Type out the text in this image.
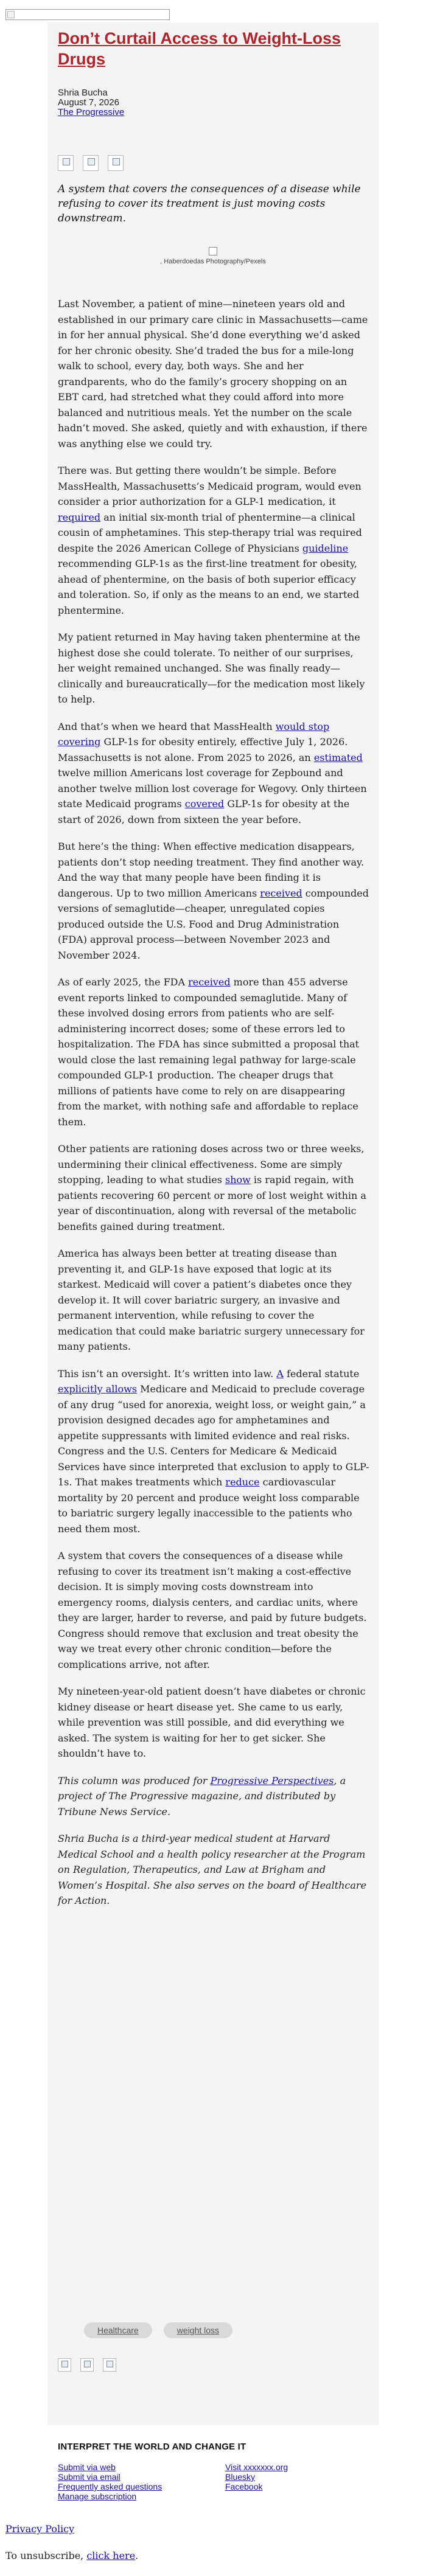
Don’t Curtail Access to Weight-Loss Drugs
Shria Bucha
August 7, 2026
The Progressive

A system that covers the consequences of a disease while refusing to cover its treatment is just moving costs downstream.

, Haberdoedas Photography/Pexels

Last November, a patient of mine—nineteen years old and established in our primary care clinic in Massachusetts—came in for her annual physical. She’d done everything we’d asked for her chronic obesity. She’d traded the bus for a mile-long walk to school, every day, both ways. She and her grandparents, who do the family’s grocery shopping on an EBT card, had stretched what they could afford into more balanced and nutritious meals. Yet the number on the scale hadn’t moved. She asked, quietly and with exhaustion, if there was anything else we could try.

There was. But getting there wouldn’t be simple. Before MassHealth, Massachusetts’s Medicaid program, would even consider a prior authorization for a GLP-1 medication, it required an initial six-month trial of phentermine—a clinical cousin of amphetamines. This step-therapy trial was required despite the 2026 American College of Physicians guideline recommending GLP-1s as the first-line treatment for obesity, ahead of phentermine, on the basis of both superior efficacy and toleration. So, if only as the means to an end, we started phentermine.

My patient returned in May having taken phentermine at the highest dose she could tolerate. To neither of our surprises, her weight remained unchanged. She was finally ready—clinically and bureaucratically—for the medication most likely to help.

And that’s when we heard that MassHealth would stop covering GLP-1s for obesity entirely, effective July 1, 2026. Massachusetts is not alone. From 2025 to 2026, an estimated twelve million Americans lost coverage for Zepbound and another twelve million lost coverage for Wegovy. Only thirteen state Medicaid programs covered GLP-1s for obesity at the start of 2026, down from sixteen the year before.

But here’s the thing: When effective medication disappears, patients don’t stop needing treatment. They find another way. And the way that many people have been finding it is dangerous. Up to two million Americans received compounded versions of semaglutide—cheaper, unregulated copies produced outside the U.S. Food and Drug Administration (FDA) approval process—between November 2023 and November 2024.

As of early 2025, the FDA received more than 455 adverse event reports linked to compounded semaglutide. Many of these involved dosing errors from patients who are self-administering incorrect doses; some of these errors led to hospitalization. The FDA has since submitted a proposal that would close the last remaining legal pathway for large-scale compounded GLP-1 production. The cheaper drugs that millions of patients have come to rely on are disappearing from the market, with nothing safe and affordable to replace them.

Other patients are rationing doses across two or three weeks, undermining their clinical effectiveness. Some are simply stopping, leading to what studies show is rapid regain, with patients recovering 60 percent or more of lost weight within a year of discontinuation, along with reversal of the metabolic benefits gained during treatment.

America has always been better at treating disease than preventing it, and GLP-1s have exposed that logic at its starkest. Medicaid will cover a patient’s diabetes once they develop it. It will cover bariatric surgery, an invasive and permanent intervention, while refusing to cover the medication that could make bariatric surgery unnecessary for many patients.

This isn’t an oversight. It’s written into law. A federal statute explicitly allows Medicare and Medicaid to preclude coverage of any drug “used for anorexia, weight loss, or weight gain,” a provision designed decades ago for amphetamines and appetite suppressants with limited evidence and real risks. Congress and the U.S. Centers for Medicare & Medicaid Services have since interpreted that exclusion to apply to GLP-1s. That makes treatments which reduce cardiovascular mortality by 20 percent and produce weight loss comparable to bariatric surgery legally inaccessible to the patients who need them most.

A system that covers the consequences of a disease while refusing to cover its treatment isn’t making a cost-effective decision. It is simply moving costs downstream into emergency rooms, dialysis centers, and cardiac units, where they are larger, harder to reverse, and paid by future budgets. Congress should remove that exclusion and treat obesity the way we treat every other chronic condition—before the complications arrive, not after.

My nineteen-year-old patient doesn’t have diabetes or chronic kidney disease or heart disease yet. She came to us early, while prevention was still possible, and did everything we asked. The system is waiting for her to get sicker. She shouldn’t have to.

This column was produced for Progressive Perspectives, a project of The Progressive magazine, and distributed by Tribune News Service.

Shria Bucha is a third-year medical student at Harvard Medical School and a health policy researcher at the Program on Regulation, Therapeutics, and Law at Brigham and Women’s Hospital. She also serves on the board of Healthcare for Action.

Healthcare	weight loss

INTERPRET THE WORLD AND CHANGE IT
Submit via web
Submit via email
Frequently asked questions
Manage subscription
Visit xxxxxxx.org
Bluesky
Facebook
Privacy Policy
To unsubscribe, click here.
